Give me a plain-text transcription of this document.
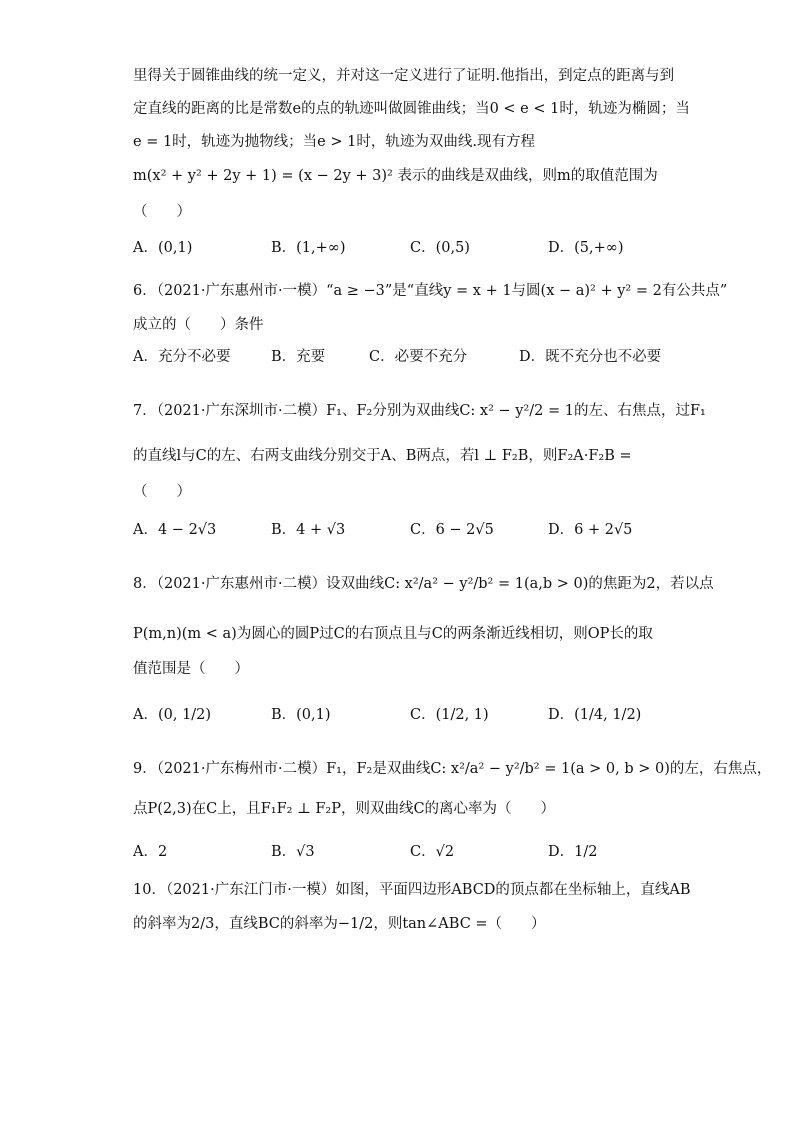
里得关于圆锥曲线的统一定义，并对这一定义进行了证明.他指出，到定点的距离与到
定直线的距离的比是常数e的点的轨迹叫做圆锥曲线；当0 < e < 1时，轨迹为椭圆；当
e = 1时，轨迹为抛物线；当e > 1时，轨迹为双曲线.现有方程
m(x² + y² + 2y + 1) = (x − 2y + 3)² 表示的曲线是双曲线，则m的取值范围为
（　　）
A．(0,1)	B．(1,+∞)	C．(0,5)	D．(5,+∞)
6．（2021·广东惠州市·一模）“a ≥ −3”是“直线y = x + 1与圆(x − a)² + y² = 2有公共点”
成立的（　　）条件
A．充分不必要	B．充要	C．必要不充分	D．既不充分也不必要
7．（2021·广东深圳市·二模）F₁、F₂分别为双曲线C: x² − y²/2 = 1的左、右焦点，过F₁
的直线l与C的左、右两支曲线分别交于A、B两点，若l ⊥ F₂B，则F₂A·F₂B =
（　　）
A．4 − 2√3	B．4 + √3	C．6 − 2√5	D．6 + 2√5
8．（2021·广东惠州市·二模）设双曲线C: x²/a² − y²/b² = 1(a,b > 0)的焦距为2，若以点
P(m,n)(m < a)为圆心的圆P过C的右顶点且与C的两条渐近线相切，则OP长的取
值范围是（　　）
A．(0, 1/2)	B．(0,1)	C．(1/2, 1)	D．(1/4, 1/2)
9．（2021·广东梅州市·二模）F₁，F₂是双曲线C: x²/a² − y²/b² = 1(a > 0, b > 0)的左，右焦点，
点P(2,3)在C上，且F₁F₂ ⊥ F₂P，则双曲线C的离心率为（　　）
A．2	B．√3	C．√2	D．1/2
10．（2021·广东江门市·一模）如图，平面四边形ABCD的顶点都在坐标轴上，直线AB
的斜率为2/3，直线BC的斜率为−1/2，则tan∠ABC =（　　）
